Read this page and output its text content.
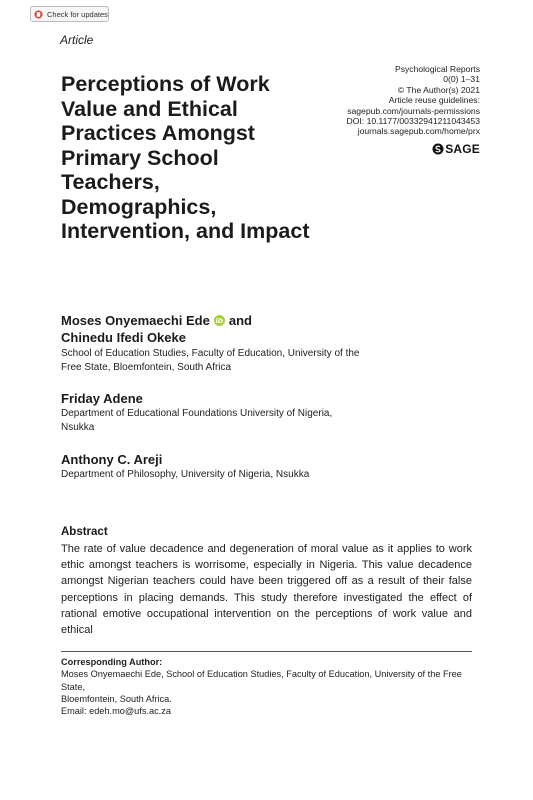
Check for updates
Article
Perceptions of Work Value and Ethical Practices Amongst Primary School Teachers, Demographics, Intervention, and Impact
Psychological Reports
0(0) 1–31
© The Author(s) 2021
Article reuse guidelines:
sagepub.com/journals-permissions
DOI: 10.1177/00332941211043453
journals.sagepub.com/home/prx
SAGE
Moses Onyemaechi Ede iD and
Chinedu Ifedi Okeke
School of Education Studies, Faculty of Education, University of the Free State, Bloemfontein, South Africa
Friday Adene
Department of Educational Foundations University of Nigeria, Nsukka
Anthony C. Areji
Department of Philosophy, University of Nigeria, Nsukka
Abstract

The rate of value decadence and degeneration of moral value as it applies to work ethic amongst teachers is worrisome, especially in Nigeria. This value decadence amongst Nigerian teachers could have been triggered off as a result of their false perceptions in placing demands. This study therefore investigated the effect of rational emotive occupational intervention on the perceptions of work value and ethical

Corresponding Author:
Moses Onyemaechi Ede, School of Education Studies, Faculty of Education, University of the Free State,
Bloemfontein, South Africa.
Email: edeh.mo@ufs.ac.za
